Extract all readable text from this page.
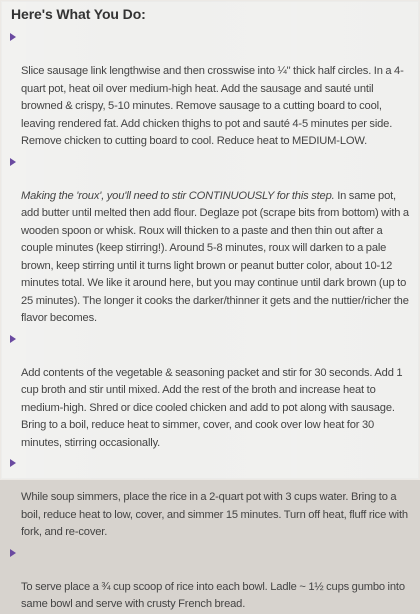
Here's What You Do:

Slice sausage link lengthwise and then crosswise into ¼" thick half circles. In a 4-quart pot, heat oil over medium-high heat. Add the sausage and sauté until browned & crispy, 5-10 minutes. Remove sausage to a cutting board to cool, leaving rendered fat. Add chicken thighs to pot and sauté 4-5 minutes per side. Remove chicken to cutting board to cool. Reduce heat to MEDIUM-LOW.

Making the 'roux', you'll need to stir CONTINUOUSLY for this step. In same pot, add butter until melted then add flour. Deglaze pot (scrape bits from bottom) with a wooden spoon or whisk. Roux will thicken to a paste and then thin out after a couple minutes (keep stirring!). Around 5-8 minutes, roux will darken to a pale brown, keep stirring until it turns light brown or peanut butter color, about 10-12 minutes total. We like it around here, but you may continue until dark brown (up to 25 minutes). The longer it cooks the darker/thinner it gets and the nuttier/richer the flavor becomes.

Add contents of the vegetable & seasoning packet and stir for 30 seconds. Add 1 cup broth and stir until mixed. Add the rest of the broth and increase heat to medium-high. Shred or dice cooled chicken and add to pot along with sausage. Bring to a boil, reduce heat to simmer, cover, and cook over low heat for 30 minutes, stirring occasionally.

While soup simmers, place the rice in a 2-quart pot with 3 cups water. Bring to a boil, reduce heat to low, cover, and simmer 15 minutes. Turn off heat, fluff rice with fork, and re-cover.

To serve place a ¾ cup scoop of rice into each bowl. Ladle ~ 1½ cups gumbo into same bowl and serve with crusty French bread.
